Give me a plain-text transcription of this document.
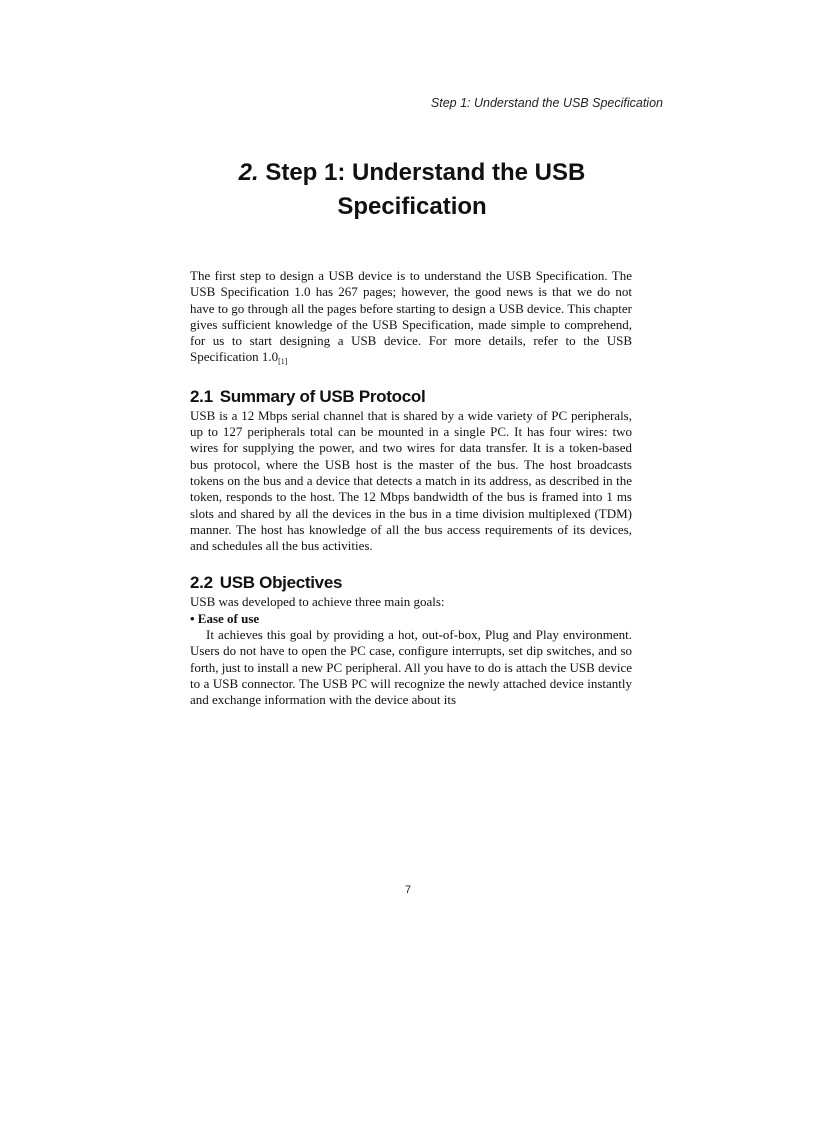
Step 1: Understand the USB Specification
2. Step 1: Understand the USB Specification

The first step to design a USB device is to understand the USB Specification. The USB Specification 1.0 has 267 pages; however, the good news is that we do not have to go through all the pages before starting to design a USB device. This chapter gives sufficient knowledge of the USB Specification, made simple to comprehend, for us to start designing a USB device. For more details, refer to the USB Specification $1.0_{[1]}$

2.1 Summary of USB Protocol

USB is a 12 Mbps serial channel that is shared by a wide variety of PC peripherals, up to 127 peripherals total can be mounted in a single PC. It has four wires: two wires for supplying the power, and two wires for data transfer. It is a token-based bus protocol, where the USB host is the master of the bus. The host broadcasts tokens on the bus and a device that detects a match in its address, as described in the token, responds to the host. The 12 Mbps bandwidth of the bus is framed into 1 ms slots and shared by all the devices in the bus in a time division multiplexed (TDM) manner. The host has knowledge of all the bus access requirements of its devices, and schedules all the bus activities.

2.2 USB Objectives

USB was developed to achieve three main goals:

• Ease of use

It achieves this goal by providing a hot, out-of-box, Plug and Play environment. Users do not have to open the PC case, configure interrupts, set dip switches, and so forth, just to install a new PC peripheral. All you have to do is attach the USB device to a USB connector. The USB PC will recognize the newly attached device instantly and exchange information with the device about its

7
